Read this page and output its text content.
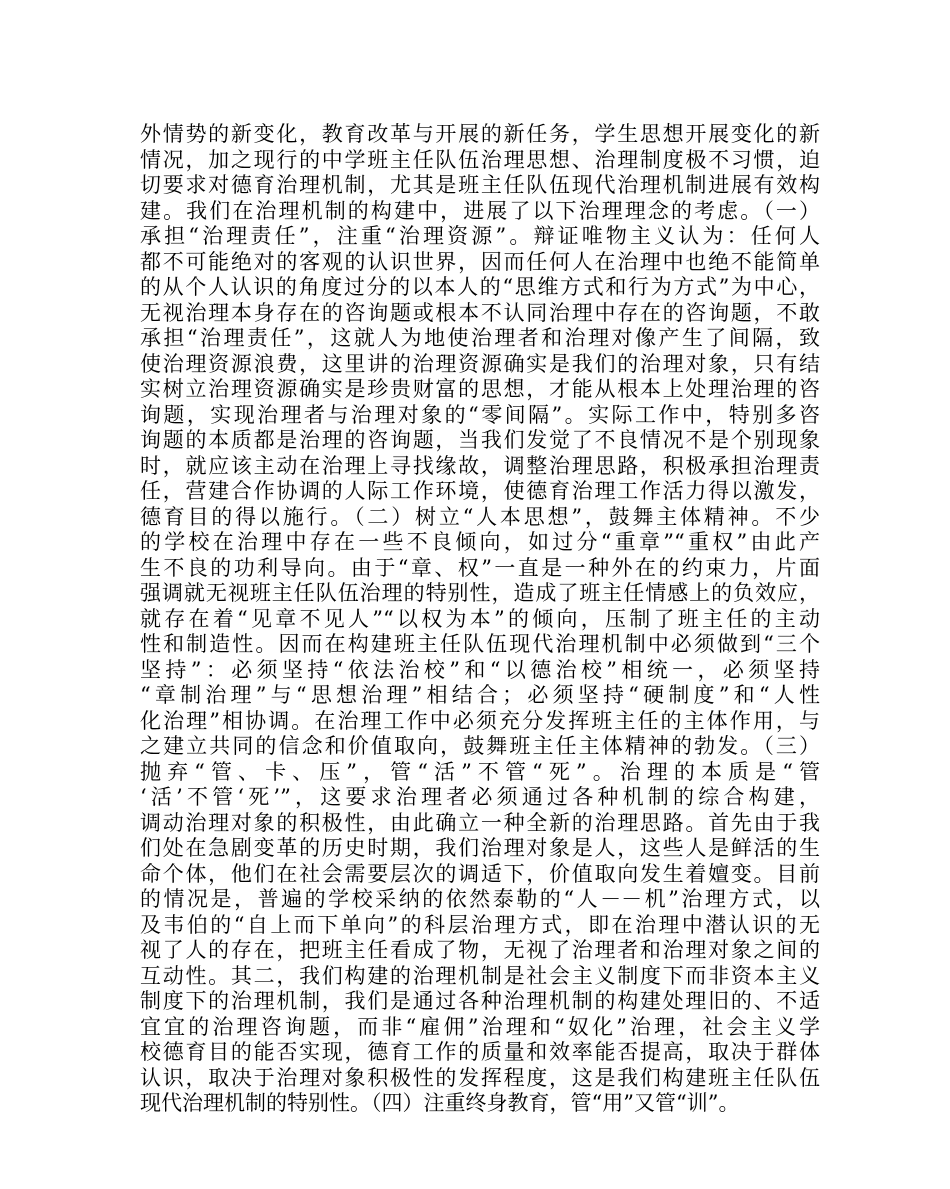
外情势的新变化，教育改革与开展的新任务，学生思想开展变化的新
情况，加之现行的中学班主任队伍治理思想、治理制度极不习惯，迫
切要求对德育治理机制，尤其是班主任队伍现代治理机制进展有效构
建。我们在治理机制的构建中，进展了以下治理理念的考虑。（一）
承担“治理责任”，注重“治理资源”。辩证唯物主义认为：任何人
都不可能绝对的客观的认识世界，因而任何人在治理中也绝不能简单
的从个人认识的角度过分的以本人的“思维方式和行为方式”为中心，
无视治理本身存在的咨询题或根本不认同治理中存在的咨询题，不敢
承担“治理责任”，这就人为地使治理者和治理对像产生了间隔，致
使治理资源浪费，这里讲的治理资源确实是我们的治理对象，只有结
实树立治理资源确实是珍贵财富的思想，才能从根本上处理治理的咨
询题，实现治理者与治理对象的“零间隔”。实际工作中，特别多咨
询题的本质都是治理的咨询题，当我们发觉了不良情况不是个别现象
时，就应该主动在治理上寻找缘故，调整治理思路，积极承担治理责
任，营建合作协调的人际工作环境，使德育治理工作活力得以激发，
德育目的得以施行。（二）树立“人本思想”，鼓舞主体精神。不少
的学校在治理中存在一些不良倾向，如过分“重章”“重权”由此产
生不良的功利导向。由于“章、权”一直是一种外在的约束力，片面
强调就无视班主任队伍治理的特别性，造成了班主任情感上的负效应，
就存在着“见章不见人”“以权为本”的倾向，压制了班主任的主动
性和制造性。因而在构建班主任队伍现代治理机制中必须做到“三个
坚持”：必须坚持“依法治校”和“以德治校”相统一，必须坚持
“章制治理”与“思想治理”相结合；必须坚持“硬制度”和“人性
化治理”相协调。在治理工作中必须充分发挥班主任的主体作用，与
之建立共同的信念和价值取向，鼓舞班主任主体精神的勃发。（三）
抛弃“管、卡、压”，管“活”不管“死”。治理的本质是“管
‘活’不管‘死’”，这要求治理者必须通过各种机制的综合构建，
调动治理对象的积极性，由此确立一种全新的治理思路。首先由于我
们处在急剧变革的历史时期，我们治理对象是人，这些人是鲜活的生
命个体，他们在社会需要层次的调适下，价值取向发生着嬗变。目前
的情况是，普遍的学校采纳的依然泰勒的“人－－机”治理方式，以
及韦伯的“自上而下单向”的科层治理方式，即在治理中潜认识的无
视了人的存在，把班主任看成了物，无视了治理者和治理对象之间的
互动性。其二，我们构建的治理机制是社会主义制度下而非资本主义
制度下的治理机制，我们是通过各种治理机制的构建处理旧的、不适
宜宜的治理咨询题，而非“雇佣”治理和“奴化”治理，社会主义学
校德育目的能否实现，德育工作的质量和效率能否提高，取决于群体
认识，取决于治理对象积极性的发挥程度，这是我们构建班主任队伍
现代治理机制的特别性。（四）注重终身教育，管“用”又管“训”。
